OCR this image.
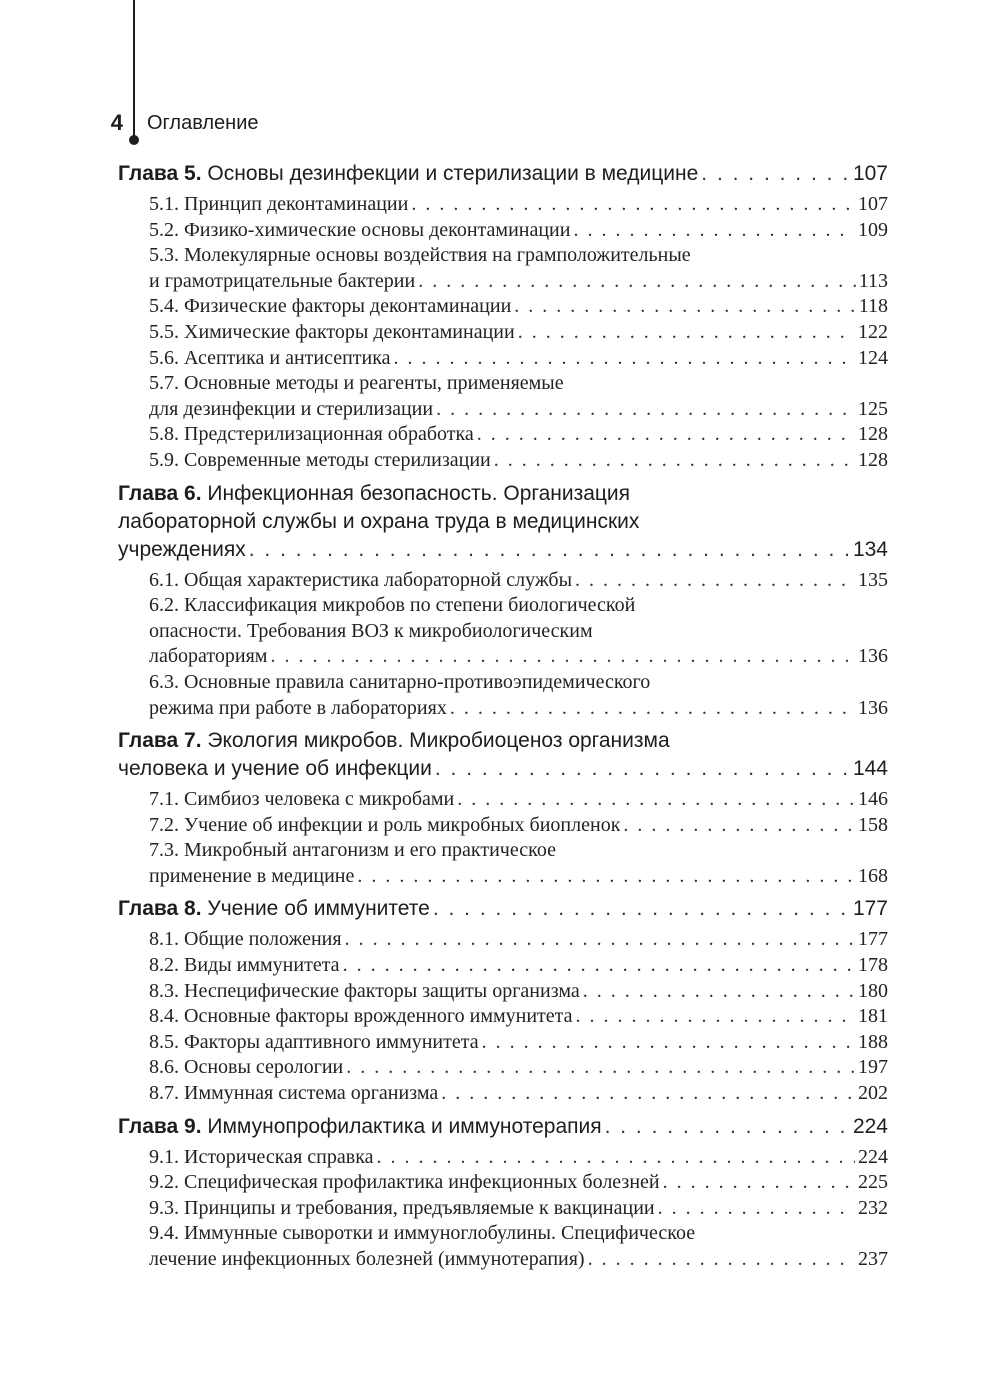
4 Оглавление
Глава 5. Основы дезинфекции и стерилизации в медицине . . .	107
5.1. Принцип деконтаминации . . .	107
5.2. Физико-химические основы деконтаминации . . .	109
5.3. Молекулярные основы воздействия на грамположительные
и грамотрицательные бактерии . . .	113
5.4. Физические факторы деконтаминации . . .	118
5.5. Химические факторы деконтаминации . . .	122
5.6. Асептика и антисептика . . .	124
5.7. Основные методы и реагенты, применяемые
для дезинфекции и стерилизации . . .	125
5.8. Предстерилизационная обработка . . .	128
5.9. Современные методы стерилизации . . .	128
Глава 6. Инфекционная безопасность. Организация
лабораторной службы и охрана труда в медицинских
учреждениях . . .	134
6.1. Общая характеристика лабораторной службы . . .	135
6.2. Классификация микробов по степени биологической
опасности. Требования ВОЗ к микробиологическим
лабораториям . . .	136
6.3. Основные правила санитарно-противоэпидемического
режима при работе в лабораториях . . .	136
Глава 7. Экология микробов. Микробиоценоз организма
человека и учение об инфекции . . .	144
7.1. Симбиоз человека с микробами . . .	146
7.2. Учение об инфекции и роль микробных биопленок . . .	158
7.3. Микробный антагонизм и его практическое
применение в медицине . . .	168
Глава 8. Учение об иммунитете . . .	177
8.1. Общие положения . . .	177
8.2. Виды иммунитета . . .	178
8.3. Неспецифические факторы защиты организма . . .	180
8.4. Основные факторы врожденного иммунитета . . .	181
8.5. Факторы адаптивного иммунитета . . .	188
8.6. Основы серологии . . .	197
8.7. Иммунная система организма . . .	202
Глава 9. Иммунопрофилактика и иммунотерапия . . .	224
9.1. Историческая справка . . .	224
9.2. Специфическая профилактика инфекционных болезней . . .	225
9.3. Принципы и требования, предъявляемые к вакцинации . . .	232
9.4. Иммунные сыворотки и иммуноглобулины. Специфическое
лечение инфекционных болезней (иммунотерапия) . . .	237
